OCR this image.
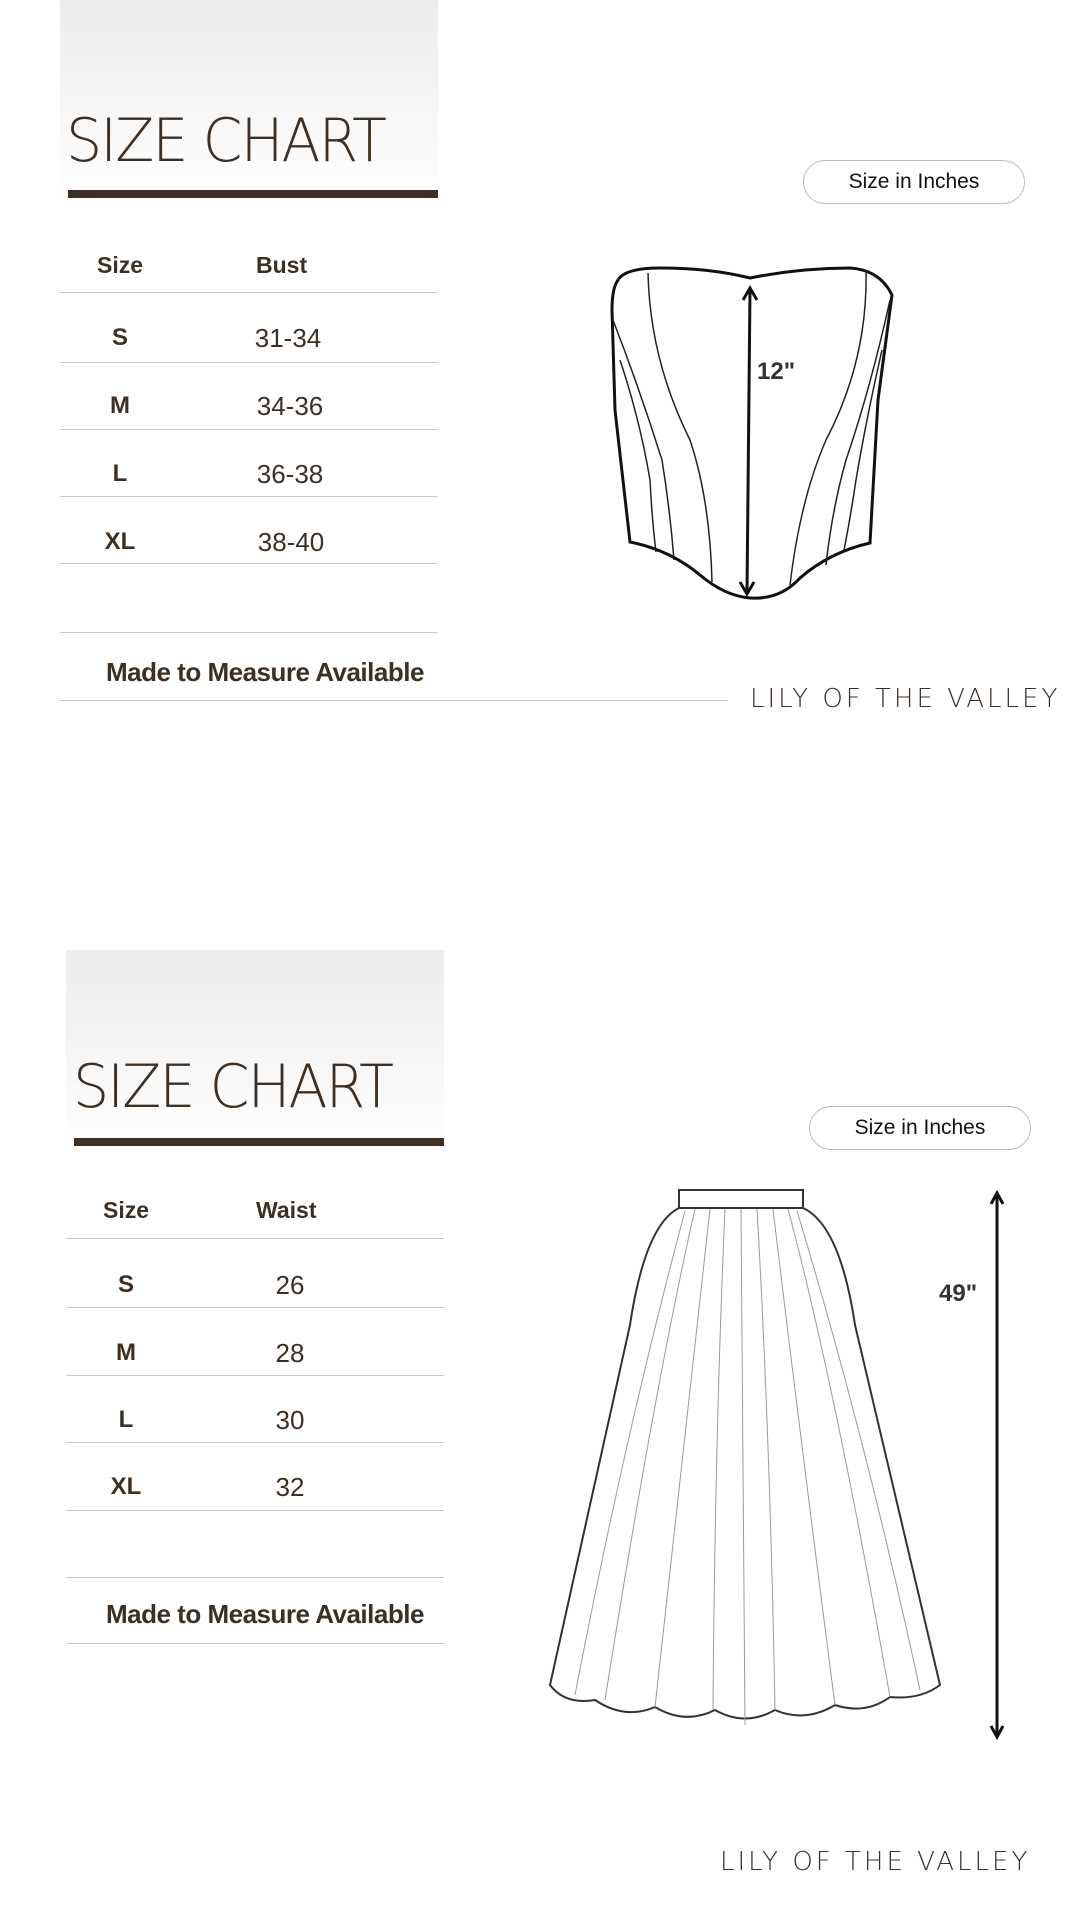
SIZE CHART
Size	Bust
S	31-34
M	34-36
L	36-38
XL	38-40
Made to Measure Available
LILY OF THE VALLEY
Size in Inches
12"
SIZE CHART
Size	Waist
S	26
M	28
L	30
XL	32
Made to Measure Available
Size in Inches
49"
LILY OF THE VALLEY
